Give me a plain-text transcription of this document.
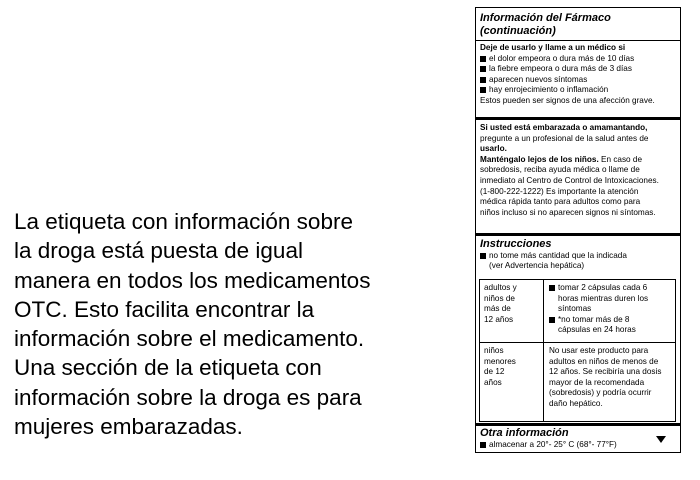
La etiqueta con información sobre
la droga está puesta de igual
manera en todos los medicamentos
OTC. Esto facilita encontrar la
información sobre el medicamento.
Una sección de la etiqueta con
información sobre la droga es para
mujeres embarazadas.
Información del Fármaco
(continuación)
Deje de usarlo y llame a un médico si
el dolor empeora o dura más de 10 días
la fiebre empeora o dura más de 3 días
aparecen nuevos síntomas
hay enrojecimiento o inflamación
Estos pueden ser signos de una afección grave.
Si usted está embarazada o amamantando,
pregunte a un profesional de la salud antes de
usarlo.
Manténgalo lejos de los niños. En caso de
sobredosis, reciba ayuda médica o llame de
inmediato al Centro de Control de Intoxicaciones.
(1-800-222-1222) Es importante la atención
médica rápida tanto para adultos como para
niños incluso si no aparecen signos ni síntomas.
Instrucciones
no tome más cantidad que la indicada
(ver Advertencia hepática)
adultos y
niños de
más de
12 años
tomar 2 cápsulas cada 6
horas mientras duren los
síntomas
*no tomar más de 8
cápsulas en 24 horas
niños
menores
de 12
años
No usar este producto para
adultos en niños de menos de
12 años. Se recibiría una dosis
mayor de la recomendada
(sobredosis) y podría ocurrir
daño hepático.
Otra información
almacenar a 20°- 25° C (68°- 77°F)
